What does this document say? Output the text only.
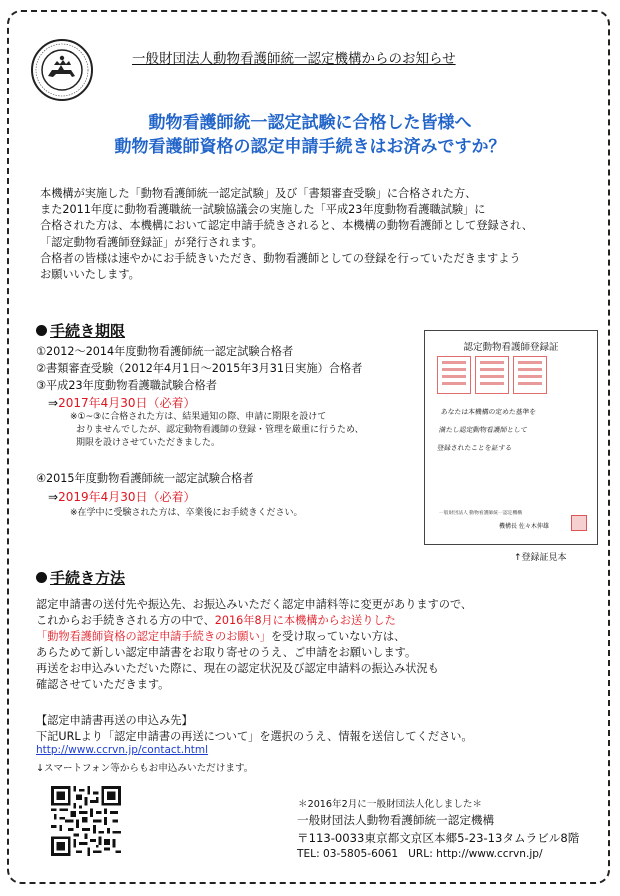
一般財団法人動物看護師統一認定機構からのお知らせ
動物看護師統一認定試験に合格した皆様へ
動物看護師資格の認定申請手続きはお済みですか？
本機構が実施した「動物看護師統一認定試験」及び「書類審査受験」に合格された方、
また2011年度に動物看護職統一試験協議会の実施した「平成23年度動物看護職試験」に
合格された方は、本機構において認定申請手続きされると、本機構の動物看護師として登録され、
「認定動物看護師登録証」が発行されます。
合格者の皆様は速やかにお手続きいただき、動物看護師としての登録を行っていただきますよう
お願いいたします。
手続き期限
①2012～2014年度動物看護師統一認定試験合格者
②書類審査受験（2012年4月1日～2015年3月31日実施）合格者
③平成23年度動物看護職試験合格者
⇒2017年4月30日（必着）
※①~③に合格された方は、結果通知の際、申請に期限を設けて
おりませんでしたが、認定動物看護師の登録・管理を厳重に行うため、
期限を設けさせていただきました。
④2015年度動物看護師統一認定試験合格者
⇒2019年4月30日（必着）
※在学中に受験された方は、卒業後にお手続きください。
認定動物看護師登録証
あなたは本機構の定めた基準を
満たし認定動物看護師として
登録されたことを証する
一般財団法人 動物看護師統一認定機構
機構長 佐々木伸雄
↑登録証見本
手続き方法
認定申請書の送付先や振込先、お振込みいただく認定申請料等に変更がありますので、
これからお手続きされる方の中で、2016年8月に本機構からお送りした
「動物看護師資格の認定申請手続きのお願い」を受け取っていない方は、
あらためて新しい認定申請書をお取り寄せのうえ、ご申請をお願いします。
再送をお申込みいただいた際に、現在の認定状況及び認定申請料の振込み状況も
確認させていただきます。
【認定申請書再送の申込み先】
下記URLより「認定申請書の再送について」を選択のうえ、情報を送信してください。
http://www.ccrvn.jp/contact.html
↓スマートフォン等からもお申込みいただけます。
＊2016年2月に一般財団法人化しました＊
一般財団法人動物看護師統一認定機構
〒113-0033東京都文京区本郷5-23-13タムラビル8階
TEL: 03-5805-6061 URL: http://www.ccrvn.jp/
